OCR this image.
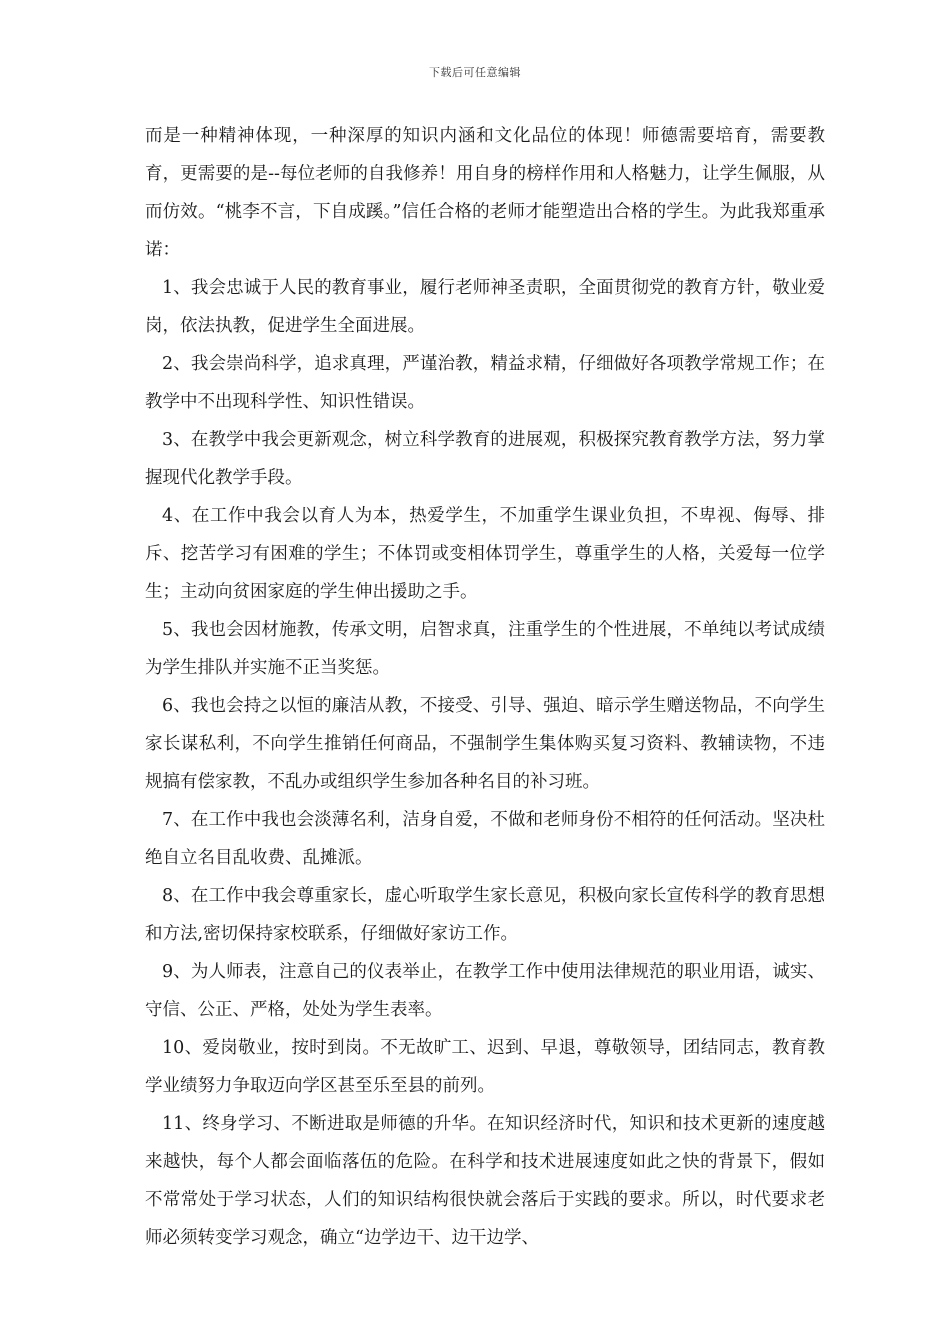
下载后可任意编辑

而是一种精神体现，一种深厚的知识内涵和文化品位的体现！师德需要培育，需要教育，更需要的是--每位老师的自我修养！用自身的榜样作用和人格魅力，让学生佩服，从而仿效。“桃李不言，下自成蹊。”信任合格的老师才能塑造出合格的学生。为此我郑重承诺：

1、我会忠诚于人民的教育事业，履行老师神圣责职，全面贯彻党的教育方针，敬业爱岗，依法执教，促进学生全面进展。

2、我会崇尚科学，追求真理，严谨治教，精益求精，仔细做好各项教学常规工作；在教学中不出现科学性、知识性错误。

3、在教学中我会更新观念，树立科学教育的进展观，积极探究教育教学方法，努力掌握现代化教学手段。

4、在工作中我会以育人为本，热爱学生，不加重学生课业负担，不卑视、侮辱、排斥、挖苦学习有困难的学生；不体罚或变相体罚学生，尊重学生的人格，关爱每一位学生；主动向贫困家庭的学生伸出援助之手。

5、我也会因材施教，传承文明，启智求真，注重学生的个性进展，不单纯以考试成绩为学生排队并实施不正当奖惩。

6、我也会持之以恒的廉洁从教，不接受、引导、强迫、暗示学生赠送物品，不向学生家长谋私利，不向学生推销任何商品，不强制学生集体购买复习资料、教辅读物，不违规搞有偿家教，不乱办或组织学生参加各种名目的补习班。

7、在工作中我也会淡薄名利，洁身自爱，不做和老师身份不相符的任何活动。坚决杜绝自立名目乱收费、乱摊派。

8、在工作中我会尊重家长，虚心听取学生家长意见，积极向家长宣传科学的教育思想和方法,密切保持家校联系，仔细做好家访工作。

9、为人师表，注意自己的仪表举止，在教学工作中使用法律规范的职业用语，诚实、守信、公正、严格，处处为学生表率。

10、爱岗敬业，按时到岗。不无故旷工、迟到、早退，尊敬领导，团结同志，教育教学业绩努力争取迈向学区甚至乐至县的前列。

11、终身学习、不断进取是师德的升华。在知识经济时代，知识和技术更新的速度越来越快，每个人都会面临落伍的危险。在科学和技术进展速度如此之快的背景下，假如不常常处于学习状态，人们的知识结构很快就会落后于实践的要求。所以，时代要求老师必须转变学习观念，确立“边学边干、边干边学、
